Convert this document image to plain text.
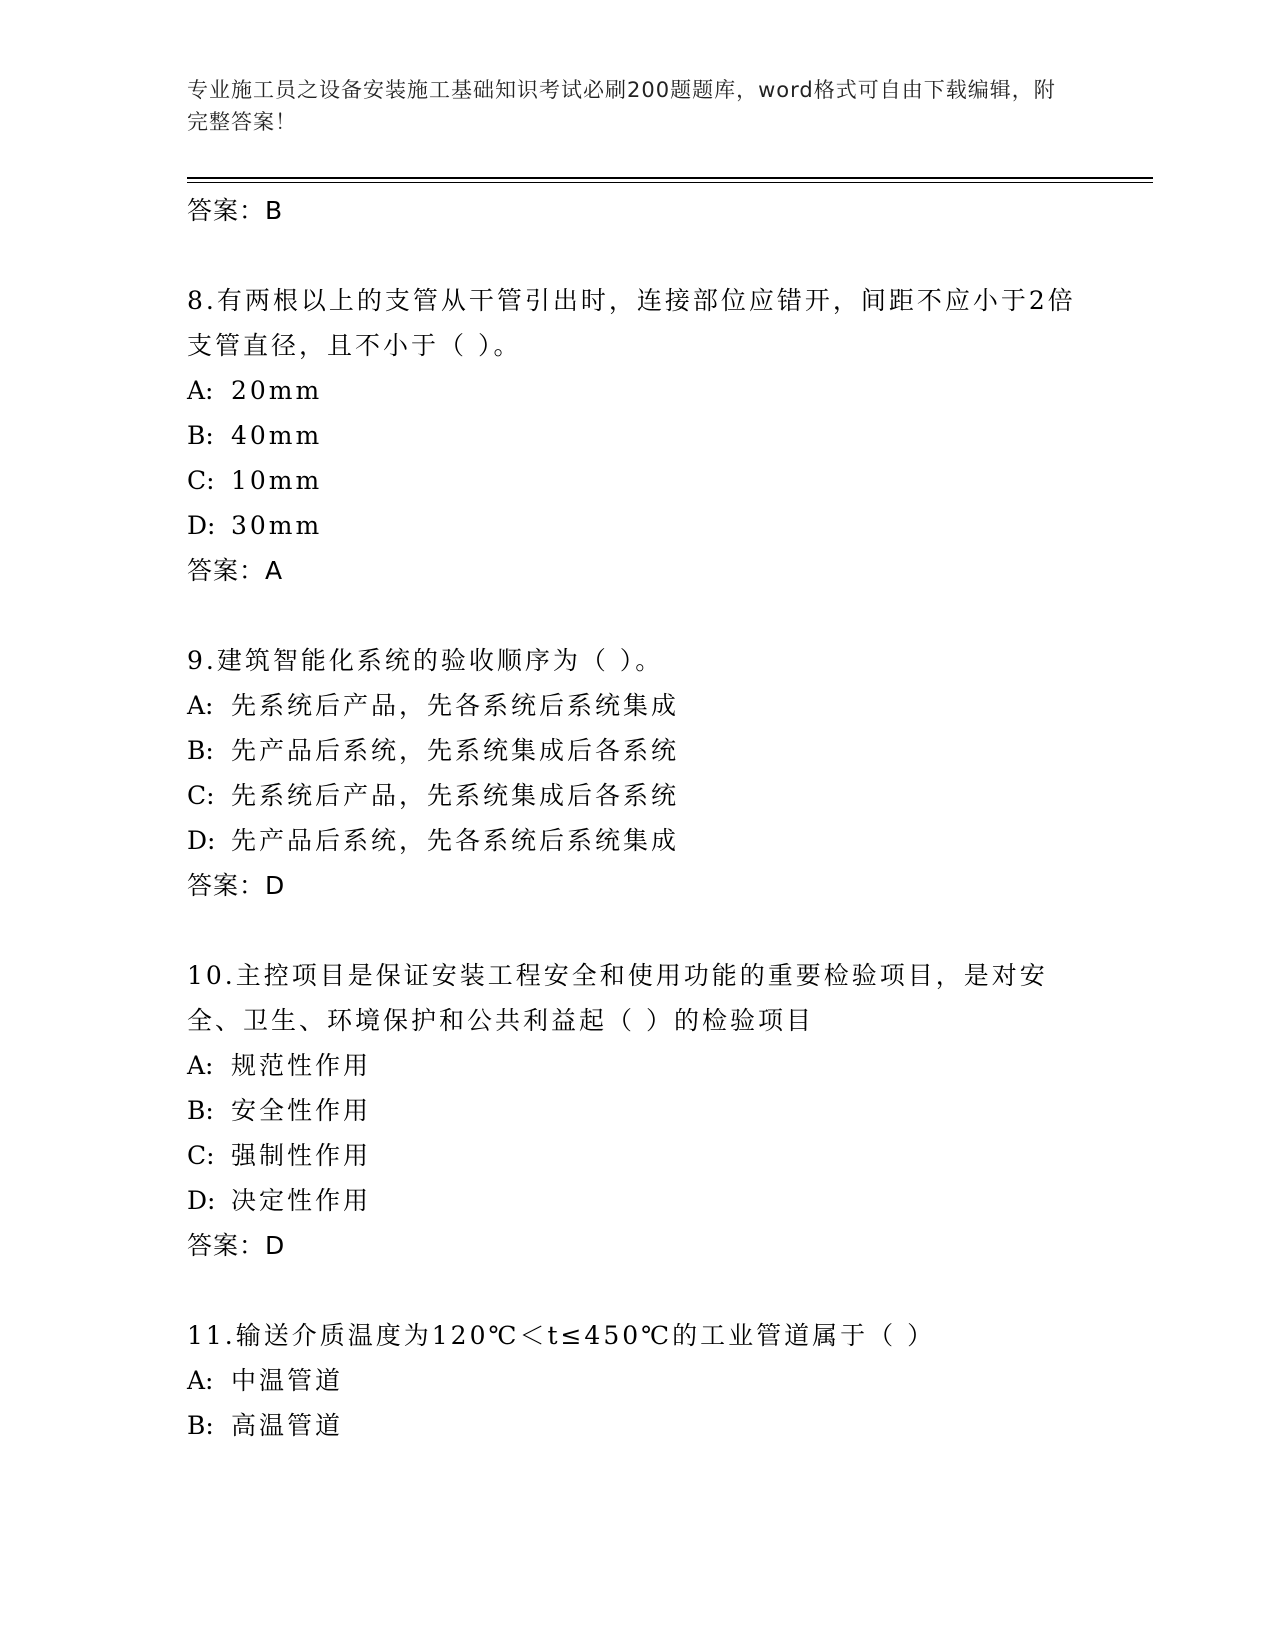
专业施工员之设备安装施工基础知识考试必刷200题题库，word格式可自由下载编辑，附完整答案！
答案：B
8.有两根以上的支管从干管引出时，连接部位应错开，间距不应小于2倍支管直径，且不小于（ ）。
A: 20mm
B: 40mm
C: 10mm
D: 30mm
答案：A
9.建筑智能化系统的验收顺序为（ ）。
A: 先系统后产品，先各系统后系统集成
B: 先产品后系统，先系统集成后各系统
C: 先系统后产品，先系统集成后各系统
D: 先产品后系统，先各系统后系统集成
答案：D
10.主控项目是保证安装工程安全和使用功能的重要检验项目，是对安全、卫生、环境保护和公共利益起（ ）的检验项目
A: 规范性作用
B: 安全性作用
C: 强制性作用
D: 决定性作用
答案：D
11.输送介质温度为120℃＜t≤450℃的工业管道属于（ ）
A: 中温管道
B: 高温管道
